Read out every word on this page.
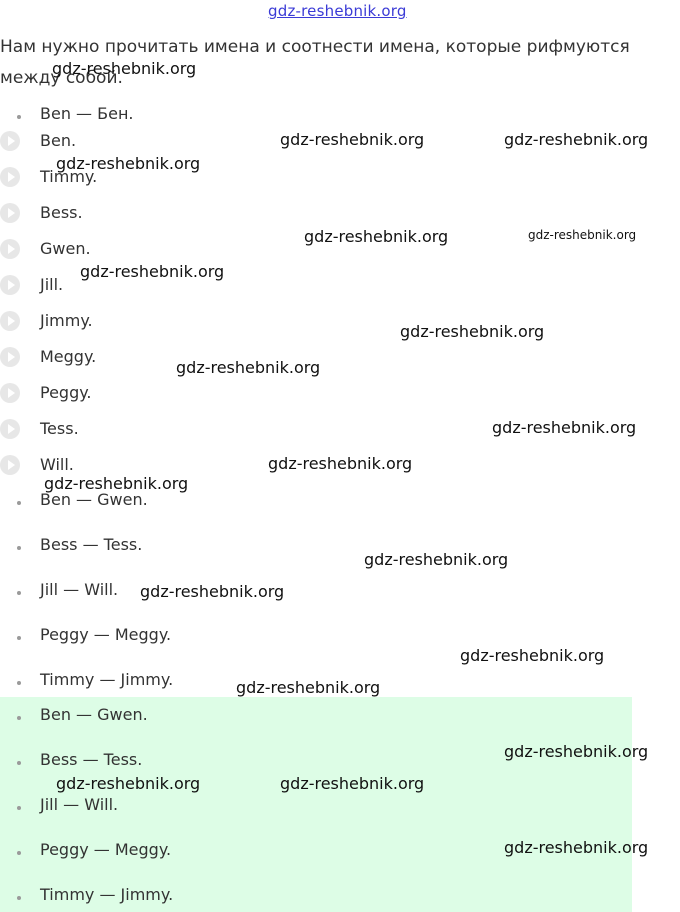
gdz-reshebnik.org
Нам нужно прочитать имена и соотнести имена, которые рифмуются между собой.
Ben — Бен.
Ben.
Timmy.
Bess.
Gwen.
Jill.
Jimmy.
Meggy.
Peggy.
Tess.
Will.
Ben — Gwen.
Bess — Tess.
Jill — Will.
Peggy — Meggy.
Timmy — Jimmy.
Ben — Gwen.
Bess — Tess.
Jill — Will.
Peggy — Meggy.
Timmy — Jimmy.
gdz-reshebnik.org
gdz-reshebnik.org	gdz-reshebnik.org
gdz-reshebnik.org
gdz-reshebnik.org	gdz-reshebnik.org
gdz-reshebnik.org
gdz-reshebnik.org
gdz-reshebnik.org
gdz-reshebnik.org
gdz-reshebnik.org
gdz-reshebnik.org
gdz-reshebnik.org
gdz-reshebnik.org
gdz-reshebnik.org
gdz-reshebnik.org
gdz-reshebnik.org
gdz-reshebnik.org	gdz-reshebnik.org
gdz-reshebnik.org
